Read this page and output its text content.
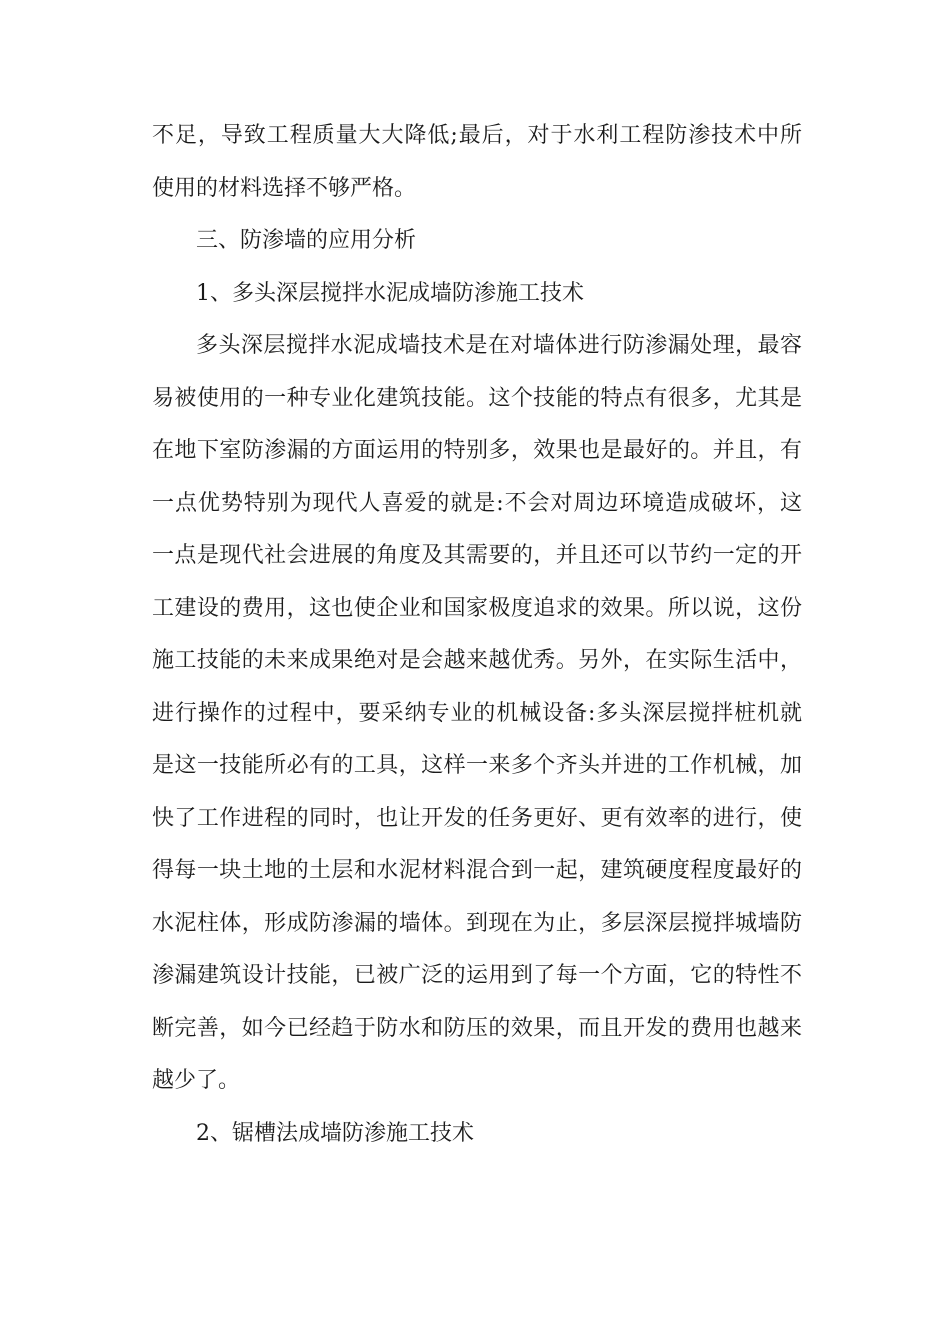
不足，导致工程质量大大降低;最后，对于水利工程防渗技术中所
使用的材料选择不够严格。
三、防渗墙的应用分析
1、多头深层搅拌水泥成墙防渗施工技术
多头深层搅拌水泥成墙技术是在对墙体进行防渗漏处理，最容
易被使用的一种专业化建筑技能。这个技能的特点有很多，尤其是
在地下室防渗漏的方面运用的特别多，效果也是最好的。并且，有
一点优势特别为现代人喜爱的就是:不会对周边环境造成破坏，这
一点是现代社会进展的角度及其需要的，并且还可以节约一定的开
工建设的费用，这也使企业和国家极度追求的效果。所以说，这份
施工技能的未来成果绝对是会越来越优秀。另外，在实际生活中，
进行操作的过程中，要采纳专业的机械设备:多头深层搅拌桩机就
是这一技能所必有的工具，这样一来多个齐头并进的工作机械，加
快了工作进程的同时，也让开发的任务更好、更有效率的进行，使
得每一块土地的土层和水泥材料混合到一起，建筑硬度程度最好的
水泥柱体，形成防渗漏的墙体。到现在为止，多层深层搅拌城墙防
渗漏建筑设计技能，已被广泛的运用到了每一个方面，它的特性不
断完善，如今已经趋于防水和防压的效果，而且开发的费用也越来
越少了。
2、锯槽法成墙防渗施工技术
